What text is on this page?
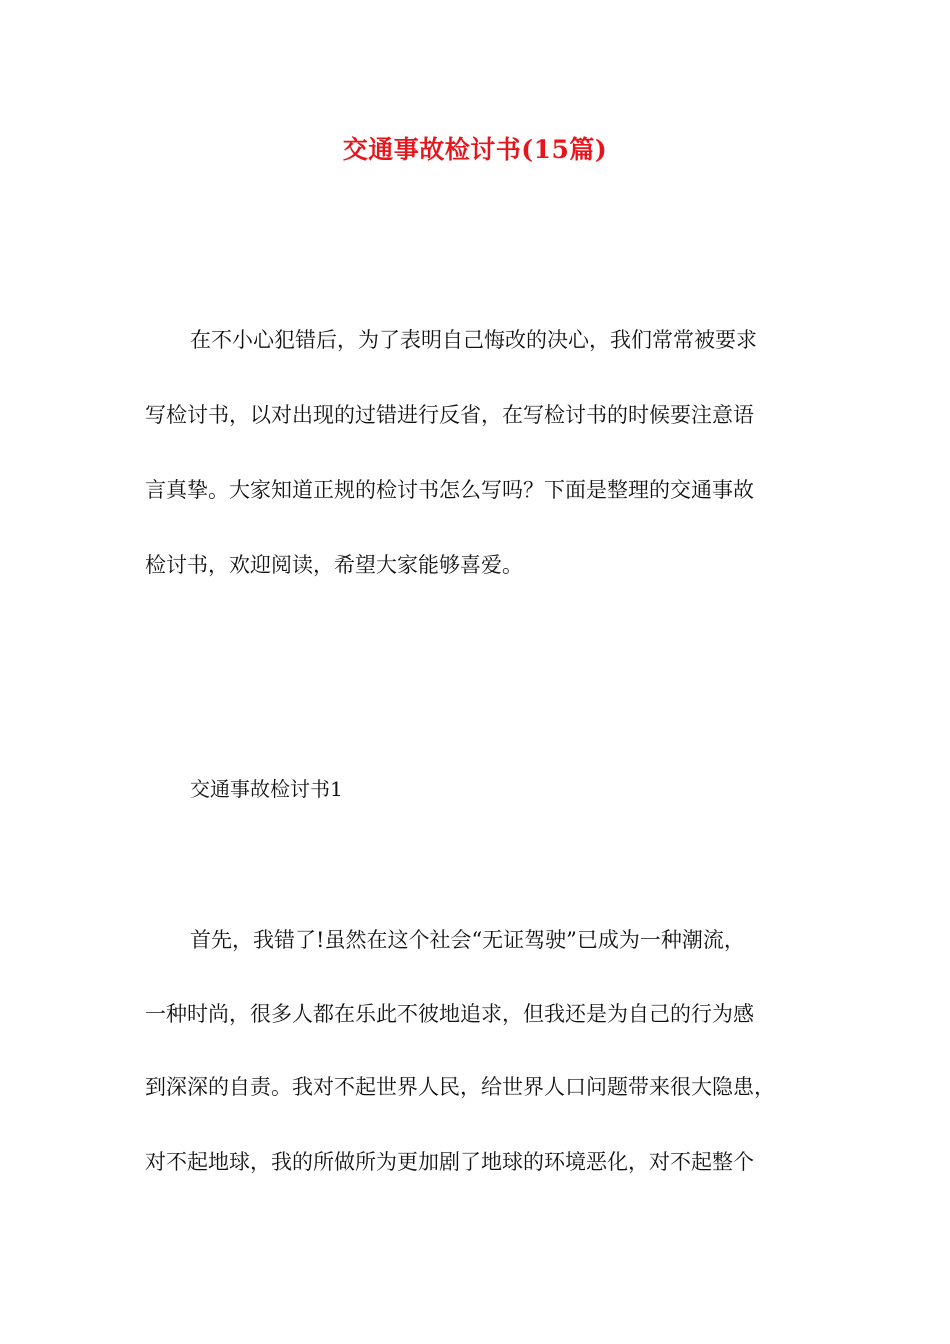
交通事故检讨书(15篇)
在不小心犯错后，为了表明自己悔改的决心，我们常常被要求
写检讨书，以对出现的过错进行反省，在写检讨书的时候要注意语
言真挚。大家知道正规的检讨书怎么写吗？下面是整理的交通事故
检讨书，欢迎阅读，希望大家能够喜爱。
交通事故检讨书1
首先，我错了!虽然在这个社会“无证驾驶”已成为一种潮流，
一种时尚，很多人都在乐此不彼地追求，但我还是为自己的行为感
到深深的自责。我对不起世界人民，给世界人口问题带来很大隐患，
对不起地球，我的所做所为更加剧了地球的环境恶化，对不起整个
